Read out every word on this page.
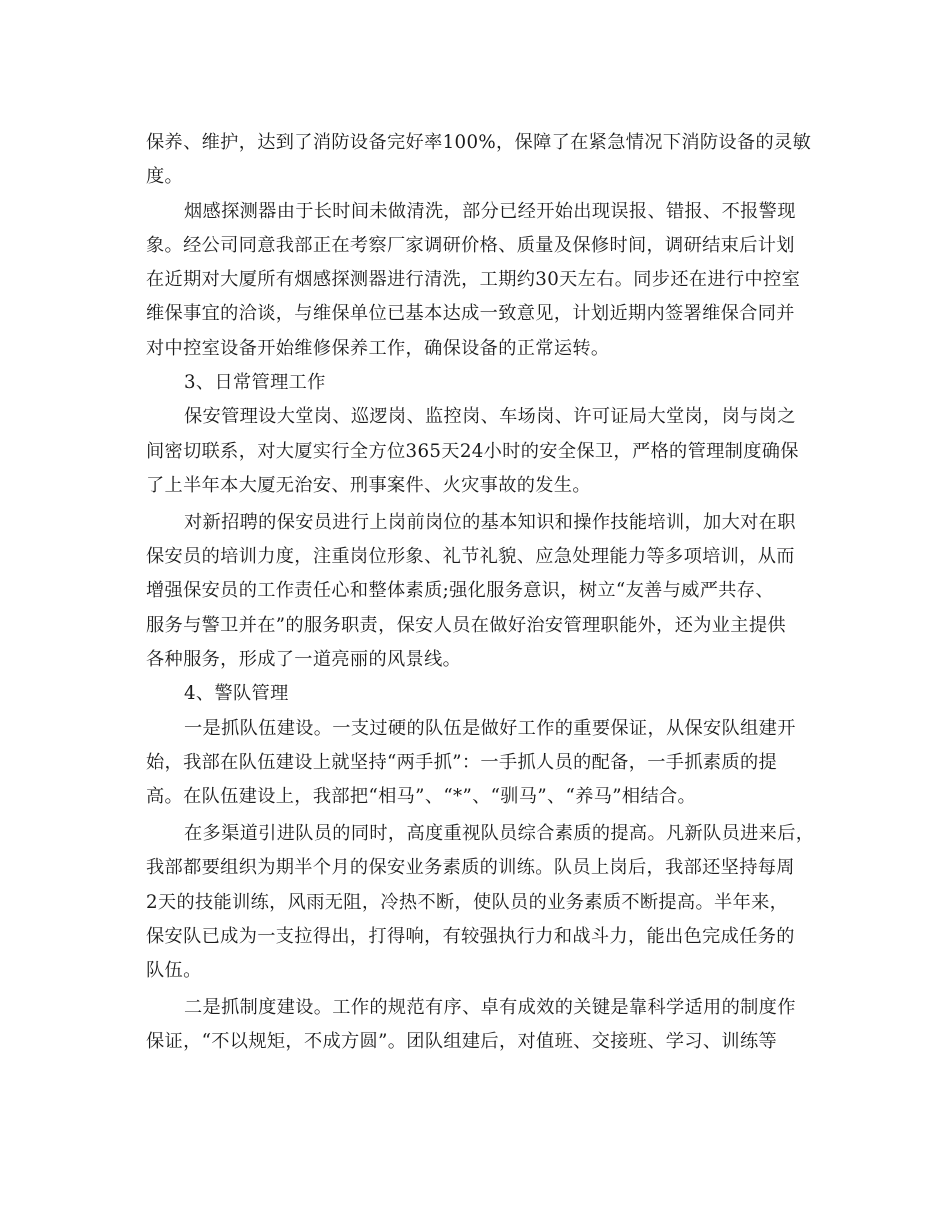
保养、维护，达到了消防设备完好率100%，保障了在紧急情况下消防设备的灵敏
度。
烟感探测器由于长时间未做清洗，部分已经开始出现误报、错报、不报警现
象。经公司同意我部正在考察厂家调研价格、质量及保修时间，调研结束后计划
在近期对大厦所有烟感探测器进行清洗，工期约30天左右。同步还在进行中控室
维保事宜的洽谈，与维保单位已基本达成一致意见，计划近期内签署维保合同并
对中控室设备开始维修保养工作，确保设备的正常运转。
3、日常管理工作
保安管理设大堂岗、巡逻岗、监控岗、车场岗、许可证局大堂岗，岗与岗之
间密切联系，对大厦实行全方位365天24小时的安全保卫，严格的管理制度确保
了上半年本大厦无治安、刑事案件、火灾事故的发生。
对新招聘的保安员进行上岗前岗位的基本知识和操作技能培训，加大对在职
保安员的培训力度，注重岗位形象、礼节礼貌、应急处理能力等多项培训，从而
增强保安员的工作责任心和整体素质;强化服务意识，树立“友善与威严共存、
服务与警卫并在”的服务职责，保安人员在做好治安管理职能外，还为业主提供
各种服务，形成了一道亮丽的风景线。
4、警队管理
一是抓队伍建设。一支过硬的队伍是做好工作的重要保证，从保安队组建开
始，我部在队伍建设上就坚持“两手抓”：一手抓人员的配备，一手抓素质的提
高。在队伍建设上，我部把“相马”、“*”、“驯马”、“养马”相结合。
在多渠道引进队员的同时，高度重视队员综合素质的提高。凡新队员进来后，
我部都要组织为期半个月的保安业务素质的训练。队员上岗后，我部还坚持每周
2天的技能训练，风雨无阻，冷热不断，使队员的业务素质不断提高。半年来，
保安队已成为一支拉得出，打得响，有较强执行力和战斗力，能出色完成任务的
队伍。
二是抓制度建设。工作的规范有序、卓有成效的关键是靠科学适用的制度作
保证，“不以规矩，不成方圆”。团队组建后，对值班、交接班、学习、训练等
